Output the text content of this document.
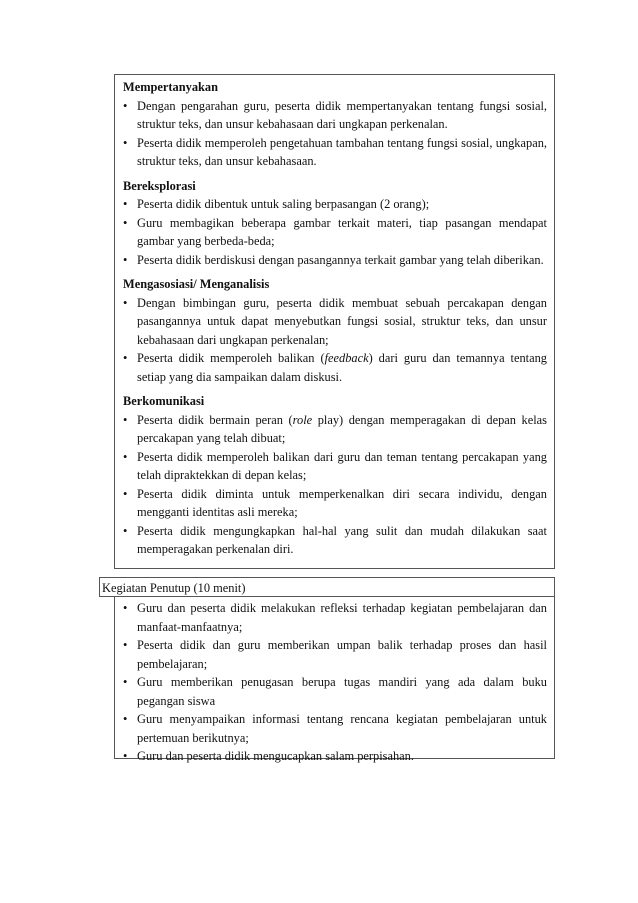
Mempertanyakan
• Dengan pengarahan guru, peserta didik mempertanyakan tentang fungsi sosial, struktur teks, dan unsur kebahasaan dari ungkapan perkenalan.
• Peserta didik memperoleh pengetahuan tambahan tentang fungsi sosial, ungkapan, struktur teks, dan unsur kebahasaan.
Bereksplorasi
• Peserta didik dibentuk untuk saling berpasangan (2 orang);
• Guru membagikan beberapa gambar terkait materi, tiap pasangan mendapat gambar yang berbeda-beda;
• Peserta didik berdiskusi dengan pasangannya terkait gambar yang telah diberikan.
Mengasosiasi/ Menganalisis
• Dengan bimbingan guru, peserta didik membuat sebuah percakapan dengan pasangannya untuk dapat menyebutkan fungsi sosial, struktur teks, dan unsur kebahasaan dari ungkapan perkenalan;
• Peserta didik memperoleh balikan (feedback) dari guru dan temannya tentang setiap yang dia sampaikan dalam diskusi.
Berkomunikasi
• Peserta didik bermain peran (role play) dengan memperagakan di depan kelas percakapan yang telah dibuat;
• Peserta didik memperoleh balikan dari guru dan teman tentang percakapan yang telah dipraktekkan di depan kelas;
• Peserta didik diminta untuk memperkenalkan diri secara individu, dengan mengganti identitas asli mereka;
• Peserta didik mengungkapkan hal-hal yang sulit dan mudah dilakukan saat memperagakan perkenalan diri.
Kegiatan Penutup (10 menit)
• Guru dan peserta didik melakukan refleksi terhadap kegiatan pembelajaran dan manfaat-manfaatnya;
• Peserta didik dan guru memberikan umpan balik terhadap proses dan hasil pembelajaran;
• Guru memberikan penugasan berupa tugas mandiri yang ada dalam buku pegangan siswa
• Guru menyampaikan informasi tentang rencana kegiatan pembelajaran untuk pertemuan berikutnya;
• Guru dan peserta didik mengucapkan salam perpisahan.
